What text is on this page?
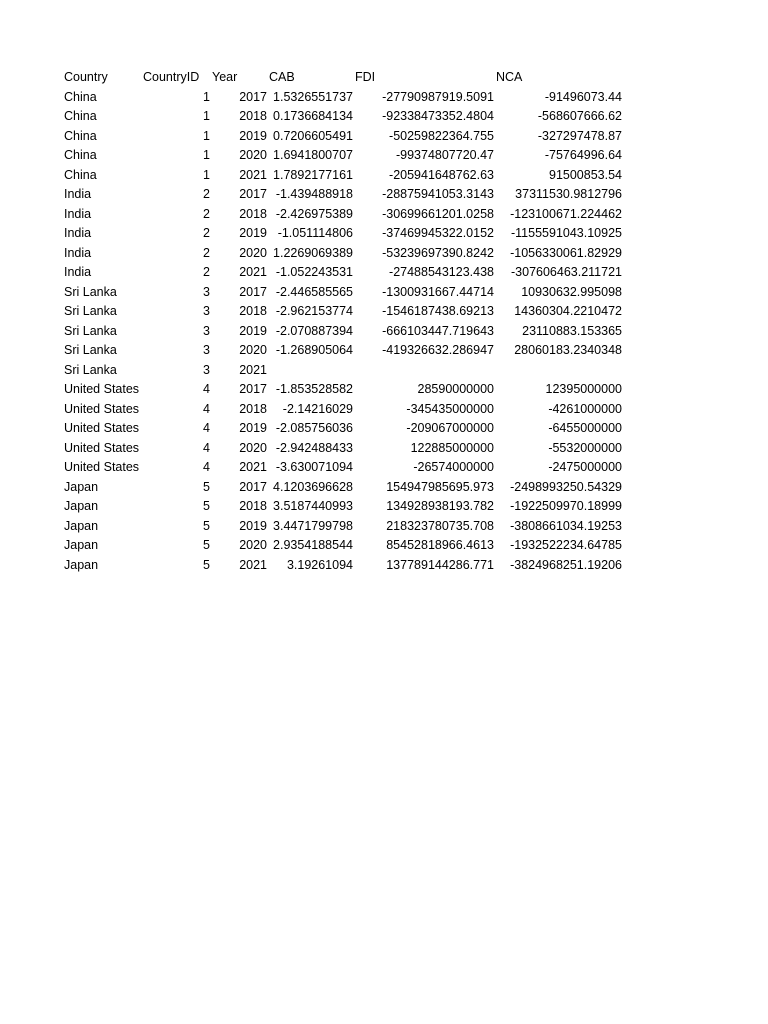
Country	CountryID Year	CAB	FDI	NCA
China	1 2017 1.5326551737 -27790987919.5091	-91496073.44
China	1 2018 0.1736684134 -92338473352.4804	-568607666.62
China	1 2019 0.7206605491	-50259822364.755	-327297478.87
China	1 2020 1.6941800707	-99374807720.47	-75764996.64
China	1 2021 1.7892177161	-205941648762.63	91500853.54
India	2 2017 -1.439488918 -28875941053.3143 37311530.9812796
India	2 2018 -2.426975389 -30699661201.0258 -123100671.224462
India	2 2019 -1.051114806 -37469945322.0152 -1155591043.10925
India	2 2020 1.2269069389 -53239697390.8242 -1056330061.82929
India	2 2021 -1.052243531	-27488543123.438 -307606463.211721
Sri Lanka	3 2017 -2.446585565 -1300931667.44714 10930632.995098
Sri Lanka	3 2018 -2.962153774 -1546187438.69213 14360304.2210472
Sri Lanka	3 2019 -2.070887394 -666103447.719643 23110883.153365
Sri Lanka	3 2020 -1.268905064 -419326632.286947 28060183.2340348
Sri Lanka	3 2021
United States	4 2017 -1.853528582	28590000000	12395000000
United States	4 2018 -2.14216029	-345435000000	-4261000000
United States	4 2019 -2.085756036	-209067000000	-6455000000
United States	4 2020 -2.942488433	122885000000	-5532000000
United States	4 2021 -3.630071094	-26574000000	-2475000000
Japan	5 2017 4.1203696628	154947985695.973 -2498993250.54329
Japan	5 2018 3.5187440993	134928938193.782 -1922509970.18999
Japan	5 2019 3.4471799798	218323780735.708 -3808661034.19253
Japan	5 2020 2.9354188544	85452818966.4613 -1932522234.64785
Japan	5 2021 3.19261094	137789144286.771 -3824968251.19206
